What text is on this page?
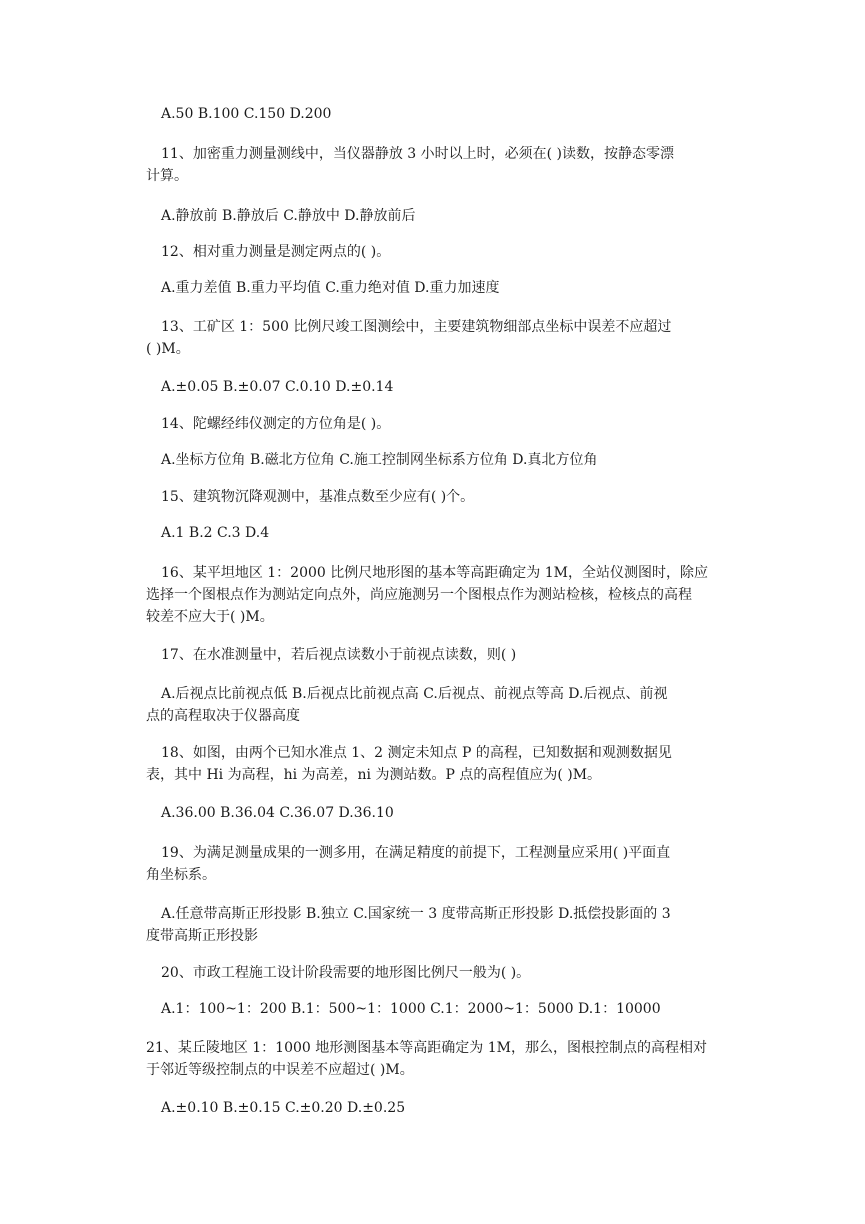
A.50 B.100 C.150 D.200
11、加密重力测量测线中，当仪器静放 3 小时以上时，必须在( )读数，按静态零漂
计算。
A.静放前 B.静放后 C.静放中 D.静放前后
12、相对重力测量是测定两点的( )。
A.重力差值 B.重力平均值 C.重力绝对值 D.重力加速度
13、工矿区 1：500 比例尺竣工图测绘中，主要建筑物细部点坐标中误差不应超过
( )M。
A.±0.05 B.±0.07 C.0.10 D.±0.14
14、陀螺经纬仪测定的方位角是( )。
A.坐标方位角 B.磁北方位角 C.施工控制网坐标系方位角 D.真北方位角
15、建筑物沉降观测中，基准点数至少应有( )个。
A.1 B.2 C.3 D.4
16、某平坦地区 1：2000 比例尺地形图的基本等高距确定为 1M，全站仪测图时，除应
选择一个图根点作为测站定向点外，尚应施测另一个图根点作为测站检核，检核点的高程
较差不应大于( )M。
17、在水准测量中，若后视点读数小于前视点读数，则( )
A.后视点比前视点低 B.后视点比前视点高 C.后视点、前视点等高 D.后视点、前视
点的高程取决于仪器高度
18、如图，由两个已知水准点 1、2 测定未知点 P 的高程，已知数据和观测数据见
表，其中 Hi 为高程，hi 为高差，ni 为测站数。P 点的高程值应为( )M。
A.36.00 B.36.04 C.36.07 D.36.10
19、为满足测量成果的一测多用，在满足精度的前提下，工程测量应采用( )平面直
角坐标系。
A.任意带高斯正形投影 B.独立 C.国家统一 3 度带高斯正形投影 D.抵偿投影面的 3
度带高斯正形投影
20、市政工程施工设计阶段需要的地形图比例尺一般为( )。
A.1：100~1：200 B.1：500~1：1000 C.1：2000~1：5000 D.1：10000
21、某丘陵地区 1：1000 地形测图基本等高距确定为 1M，那么，图根控制点的高程相对
于邻近等级控制点的中误差不应超过( )M。
A.±0.10 B.±0.15 C.±0.20 D.±0.25
